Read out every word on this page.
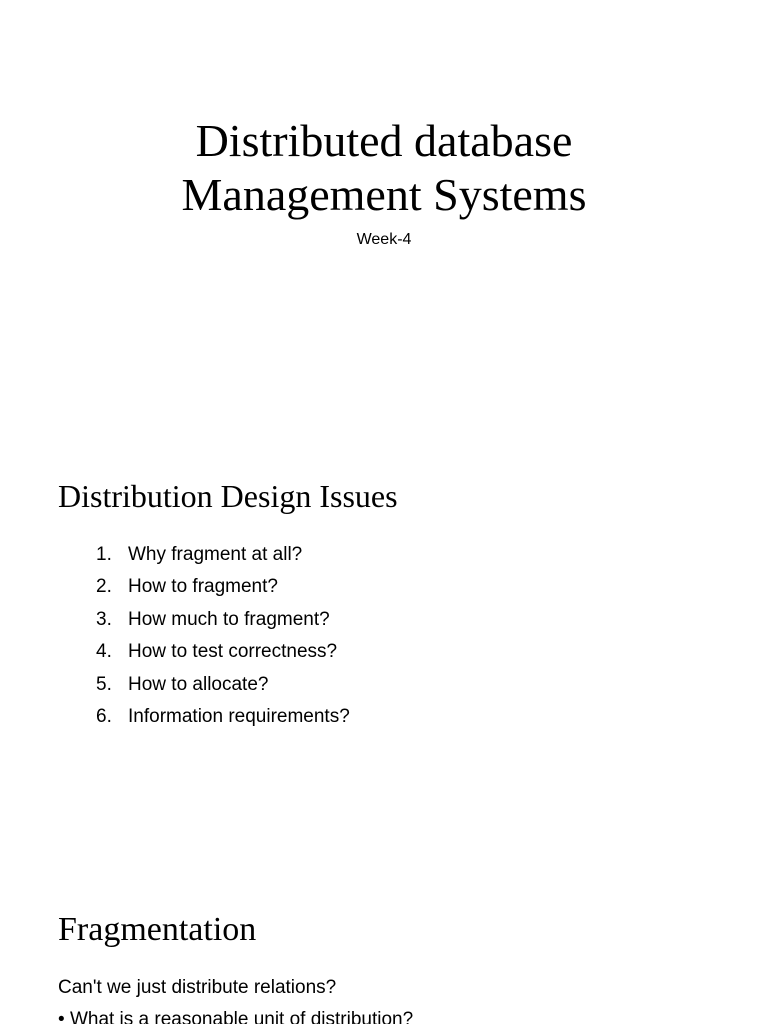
Distributed database
Management Systems
Week-4
Distribution Design Issues
1. Why fragment at all?
2. How to fragment?
3. How much to fragment?
4. How to test correctness?
5. How to allocate?
6. Information requirements?
Fragmentation
Can't we just distribute relations?
• What is a reasonable unit of distribution?
